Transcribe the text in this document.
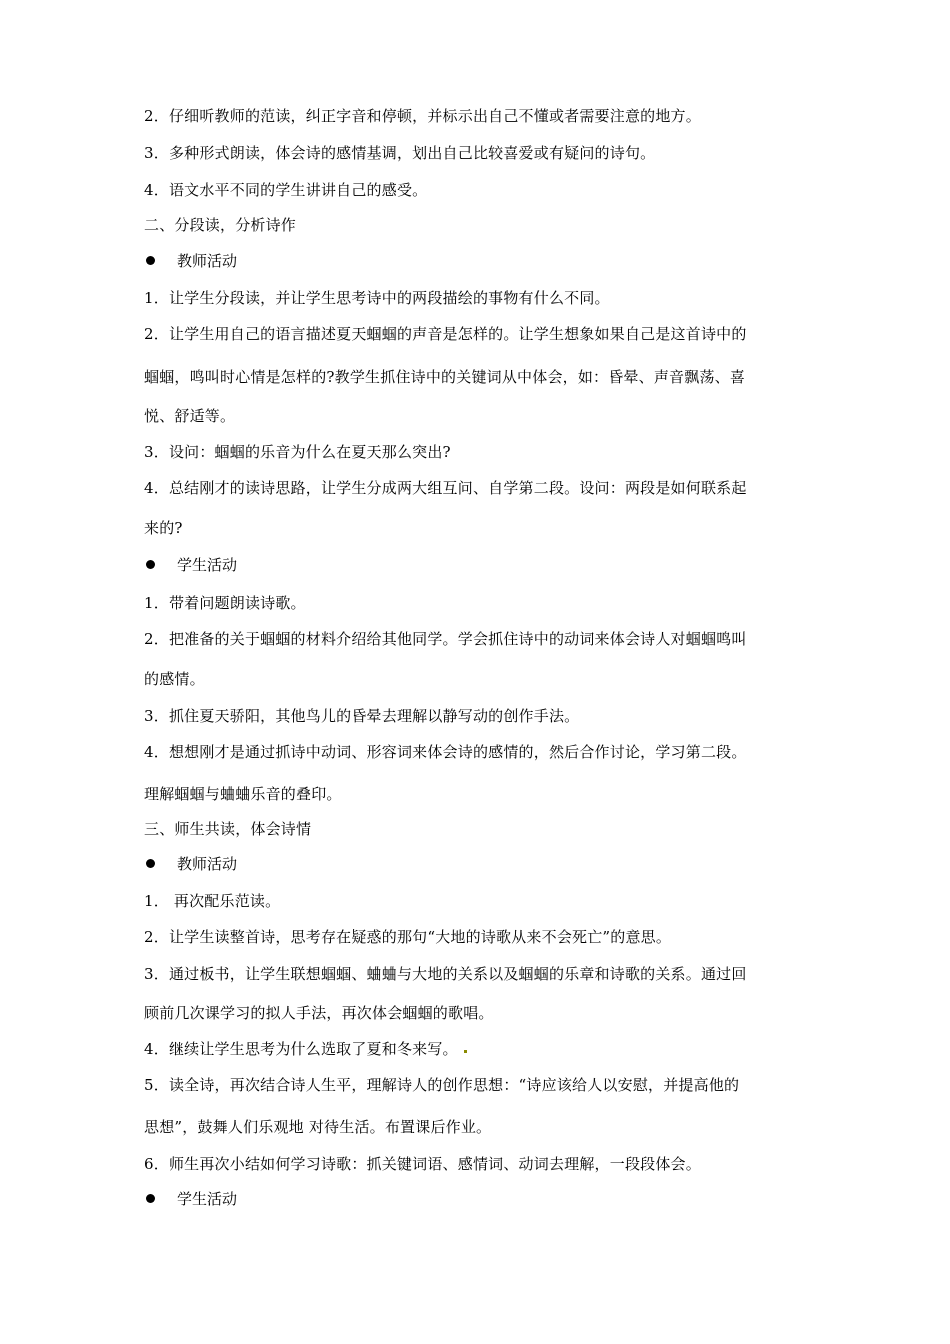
2．仔细听教师的范读，纠正字音和停顿，并标示出自己不懂或者需要注意的地方。
3．多种形式朗读，体会诗的感情基调，划出自己比较喜爱或有疑问的诗句。
4．语文水平不同的学生讲讲自己的感受。
二、分段读，分析诗作
教师活动
1．让学生分段读，并让学生思考诗中的两段描绘的事物有什么不同。
2．让学生用自己的语言描述夏天蝈蝈的声音是怎样的。让学生想象如果自己是这首诗中的
蝈蝈，鸣叫时心情是怎样的?教学生抓住诗中的关键词从中体会，如：昏晕、声音飘荡、喜
悦、舒适等。
3．设问：蝈蝈的乐音为什么在夏天那么突出?
4．总结刚才的读诗思路，让学生分成两大组互问、自学第二段。设问：两段是如何联系起
来的?
学生活动
1．带着问题朗读诗歌。
2．把准备的关于蝈蝈的材料介绍给其他同学。学会抓住诗中的动词来体会诗人对蝈蝈鸣叫
的感情。
3．抓住夏天骄阳，其他鸟儿的昏晕去理解以静写动的创作手法。
4．想想刚才是通过抓诗中动词、形容词来体会诗的感情的，然后合作讨论，学习第二段。
理解蝈蝈与蛐蛐乐音的叠印。
三、师生共读，体会诗情
教师活动
1． 再次配乐范读。
2．让学生读整首诗，思考存在疑惑的那句“大地的诗歌从来不会死亡”的意思。
3．通过板书，让学生联想蝈蝈、蛐蛐与大地的关系以及蝈蝈的乐章和诗歌的关系。通过回
顾前几次课学习的拟人手法，再次体会蝈蝈的歌唱。
4．继续让学生思考为什么选取了夏和冬来写。
5．读全诗，再次结合诗人生平，理解诗人的创作思想：“诗应该给人以安慰，并提高他的
思想”，鼓舞人们乐观地 对待生活。布置课后作业。
6．师生再次小结如何学习诗歌：抓关键词语、感情词、动词去理解，一段段体会。
学生活动
